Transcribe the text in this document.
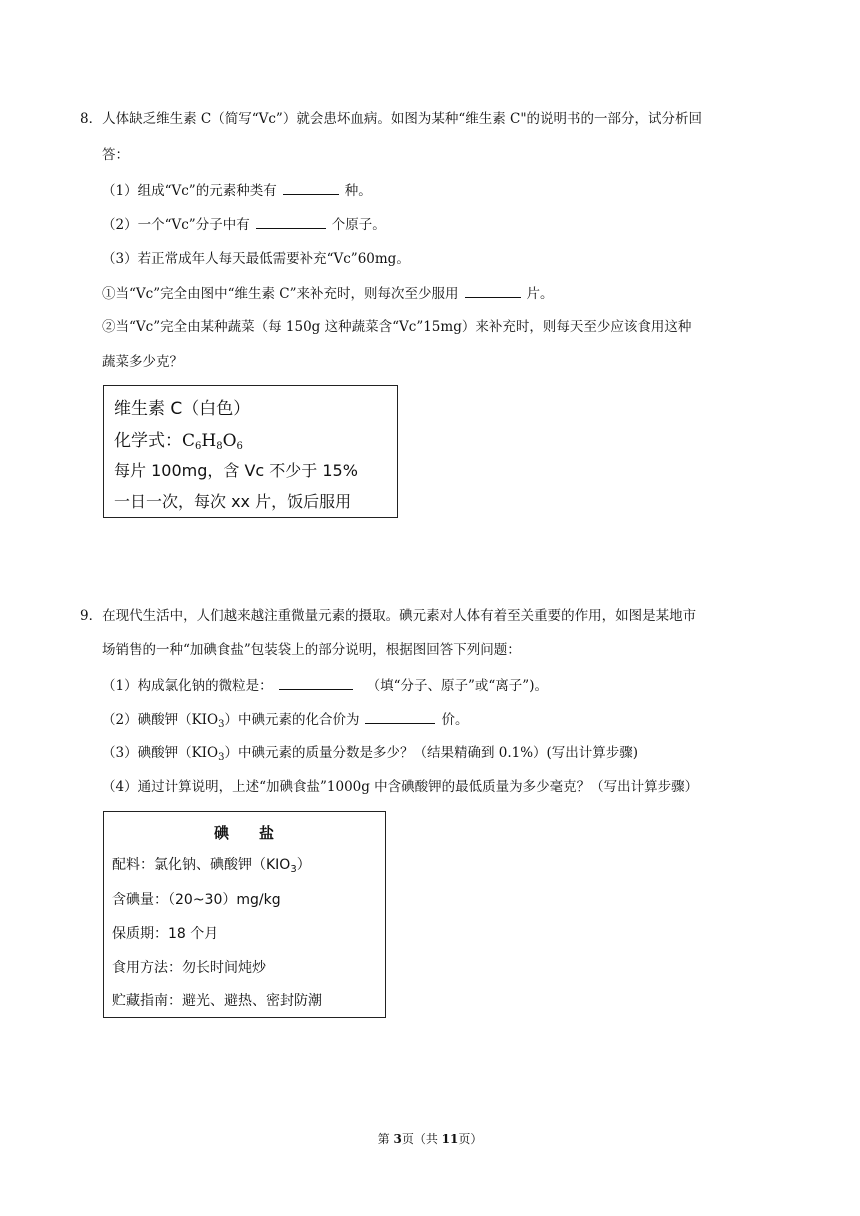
8．人体缺乏维生素 C（简写“Vc”）就会患坏血病。如图为某种“维生素 C"的说明书的一部分，试分析回
答：
（1）组成“Vc”的元素种类有	种。
（2）一个“Vc”分子中有	个原子。
（3）若正常成年人每天最低需要补充“Vc”60mg。
①当“Vc”完全由图中“维生素 C”来补充时，则每次至少服用	片。
②当“Vc”完全由某种蔬菜（每 150g 这种蔬菜含“Vc”15mg）来补充时，则每天至少应该食用这种
蔬菜多少克？
维生素 C（白色）
化学式：$C_6H_8O_6$
每片 100mg，含 Vc 不少于 15%
一日一次，每次 xx 片，饭后服用
9．在现代生活中，人们越来越注重微量元素的摄取。碘元素对人体有着至关重要的作用，如图是某地市
场销售的一种“加碘食盐”包装袋上的部分说明，根据图回答下列问题：
（1）构成氯化钠的微粒是：	（填“分子、原子”或“离子”)。
（2）碘酸钾$(KIO_3)$中碘元素的化合价为	价。
（3）碘酸钾$(KIO_3)$中碘元素的质量分数是多少？（结果精确到 0.1%）(写出计算步骤)
（4）通过计算说明，上述“加碘食盐”1000g 中含碘酸钾的最低质量为多少毫克？（写出计算步骤）
碘　　盐
配料：氯化钠、碘酸钾$(KIO_3)$
含碘量：（20~30）mg/kg
保质期：18 个月
食用方法：勿长时间炖炒
贮藏指南：避光、避热、密封防潮
第 3页（共 11页）
